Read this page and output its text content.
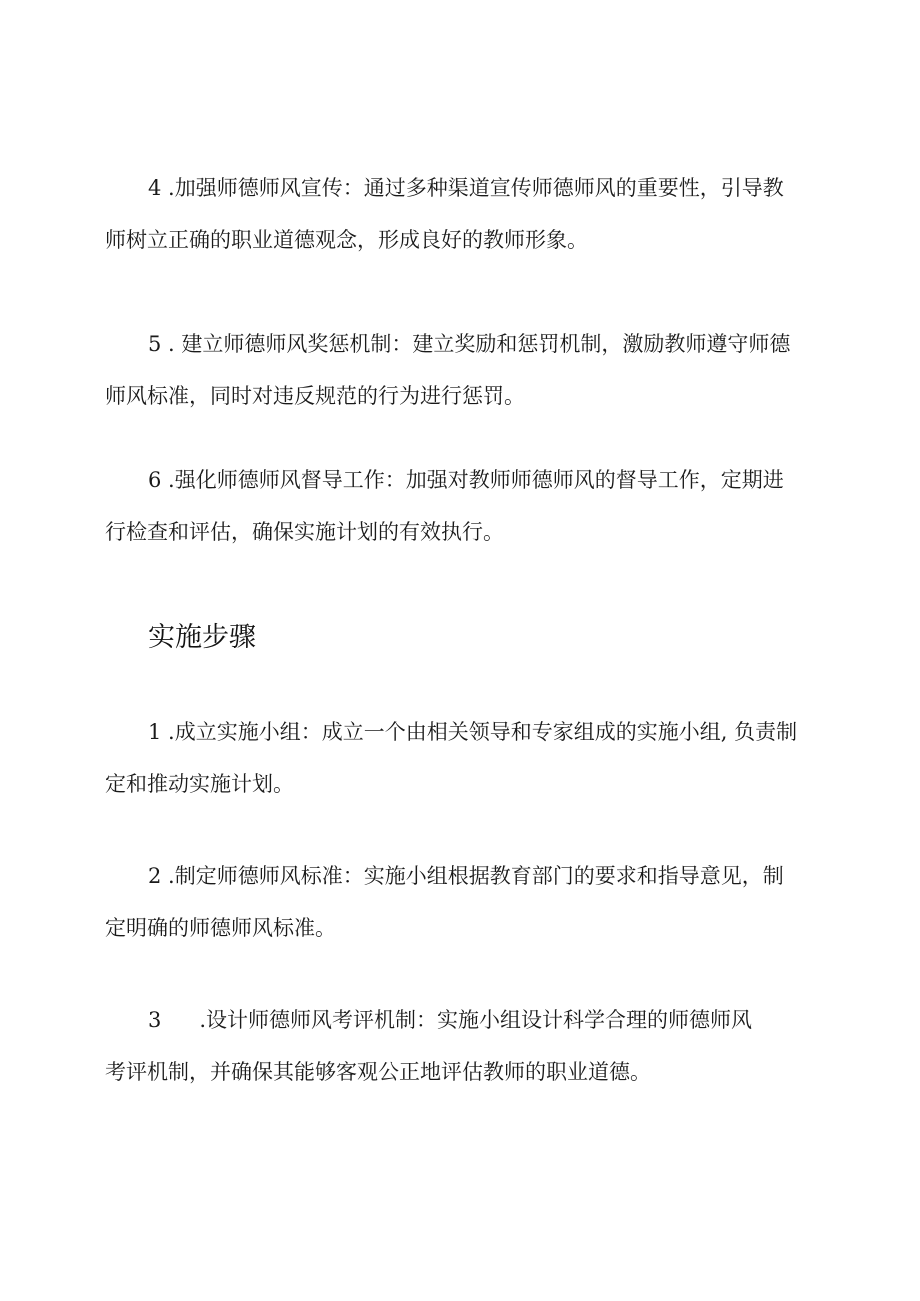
4 .加强师德师风宣传：通过多种渠道宣传师德师风的重要性，引导教
师树立正确的职业道德观念，形成良好的教师形象。
5 . 建立师德师风奖惩机制：建立奖励和惩罚机制，激励教师遵守师德
师风标准，同时对违反规范的行为进行惩罚。
6 .强化师德师风督导工作：加强对教师师德师风的督导工作，定期进
行检查和评估，确保实施计划的有效执行。
实施步骤
1 .成立实施小组：成立一个由相关领导和专家组成的实施小组, 负责制
定和推动实施计划。
2 .制定师德师风标准：实施小组根据教育部门的要求和指导意见，制
定明确的师德师风标准。
3 .设计师德师风考评机制：实施小组设计科学合理的师德师风
考评机制，并确保其能够客观公正地评估教师的职业道德。
